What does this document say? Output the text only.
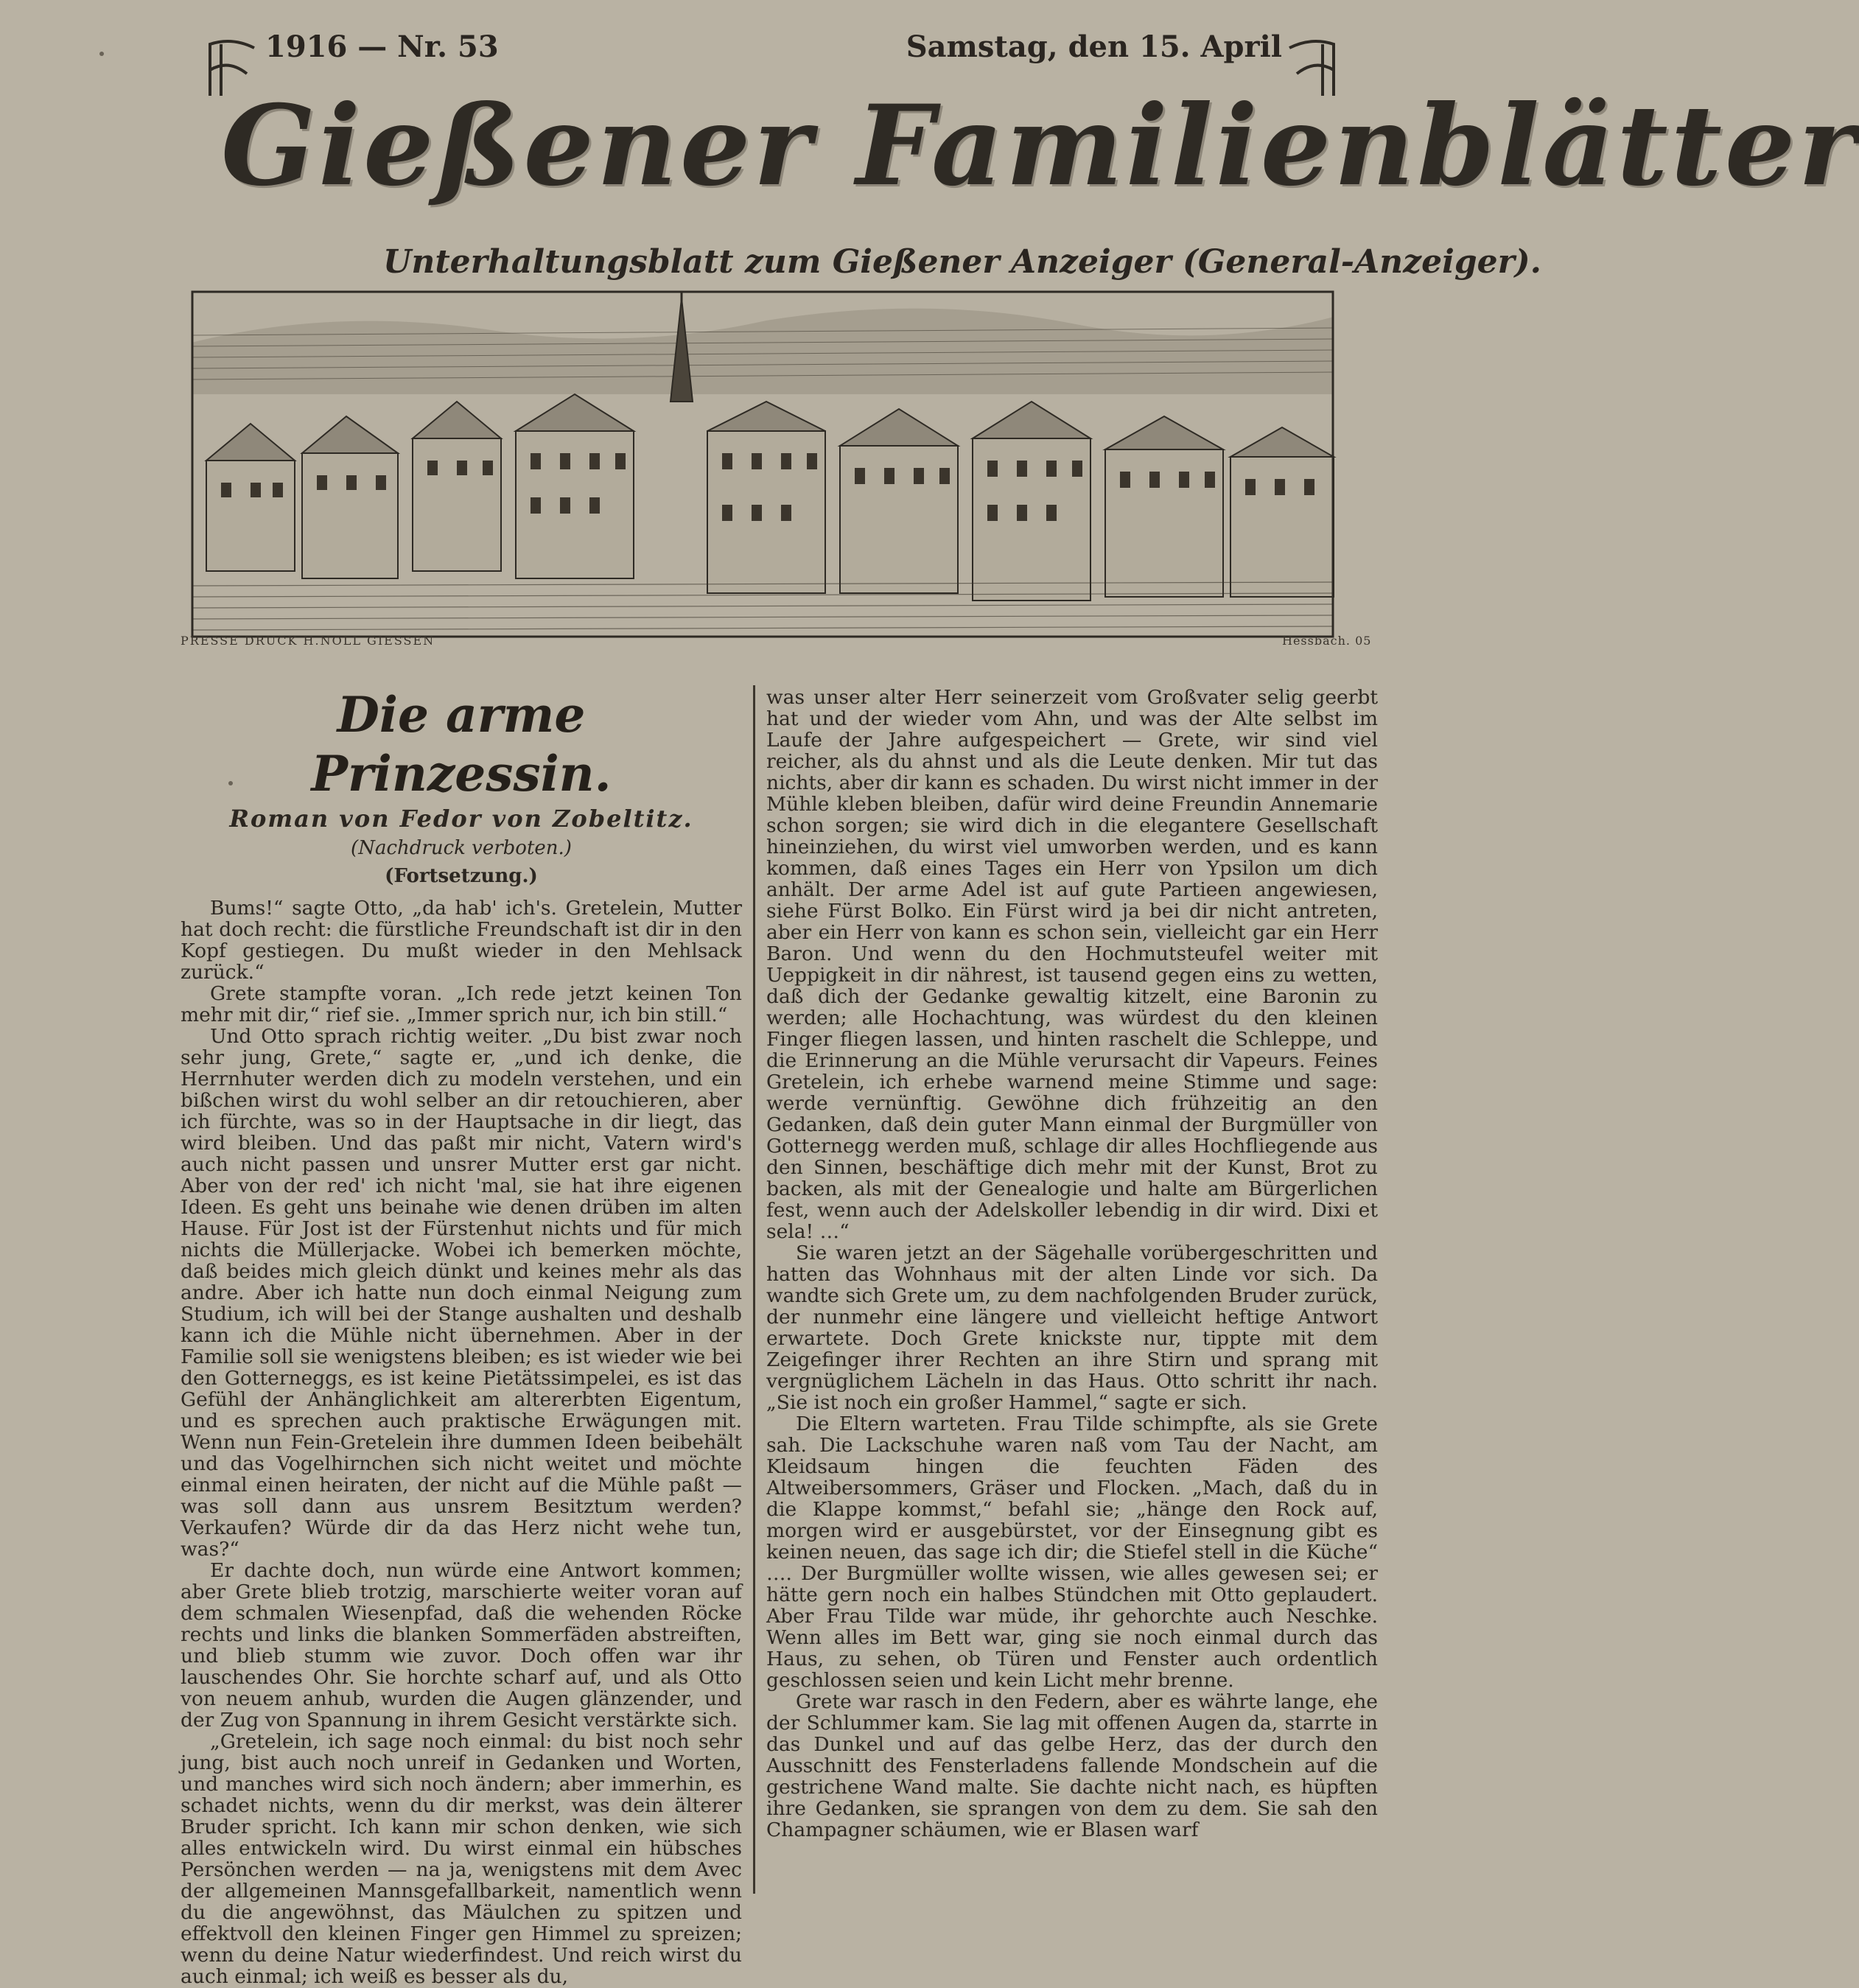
1916 — Nr. 53	Samstag, den 15. April
Gießener Familienblätter
Unterhaltungsblatt zum Gießener Anzeiger (General-Anzeiger).
PRESSE DRUCK H.NOLL GIESSEN	Hessbach. 05
Die arme Prinzessin.
Roman von Fedor von Zobeltitz.
(Nachdruck verboten.)
(Fortsetzung.)

Bums!“ sagte Otto, „da hab' ich's. Gretelein, Mutter hat doch recht: die fürstliche Freundschaft ist dir in den Kopf gestiegen. Du mußt wieder in den Mehlsack zurück.“

Grete stampfte voran. „Ich rede jetzt keinen Ton mehr mit dir,“ rief sie. „Immer sprich nur, ich bin still.“

Und Otto sprach richtig weiter. „Du bist zwar noch sehr jung, Grete,“ sagte er, „und ich denke, die Herrnhuter werden dich zu modeln verstehen, und ein bißchen wirst du wohl selber an dir retouchieren, aber ich fürchte, was so in der Hauptsache in dir liegt, das wird bleiben. Und das paßt mir nicht, Vatern wird's auch nicht passen und unsrer Mutter erst gar nicht. Aber von der red' ich nicht 'mal, sie hat ihre eigenen Ideen. Es geht uns beinahe wie denen drüben im alten Hause. Für Jost ist der Fürstenhut nichts und für mich nichts die Müllerjacke. Wobei ich bemerken möchte, daß beides mich gleich dünkt und keines mehr als das andre. Aber ich hatte nun doch einmal Neigung zum Studium, ich will bei der Stange aushalten und deshalb kann ich die Mühle nicht übernehmen. Aber in der Familie soll sie wenigstens bleiben; es ist wieder wie bei den Gotterneggs, es ist keine Pietätssimpelei, es ist das Gefühl der Anhänglichkeit am altererbten Eigentum, und es sprechen auch praktische Erwägungen mit. Wenn nun Fein-Gretelein ihre dummen Ideen beibehält und das Vogelhirnchen sich nicht weitet und möchte einmal einen heiraten, der nicht auf die Mühle paßt — was soll dann aus unsrem Besitztum werden? Verkaufen? Würde dir da das Herz nicht wehe tun, was?“

Er dachte doch, nun würde eine Antwort kommen; aber Grete blieb trotzig, marschierte weiter voran auf dem schmalen Wiesenpfad, daß die wehenden Röcke rechts und links die blanken Sommerfäden abstreiften, und blieb stumm wie zuvor. Doch offen war ihr lauschendes Ohr. Sie horchte scharf auf, und als Otto von neuem anhub, wurden die Augen glänzender, und der Zug von Spannung in ihrem Gesicht verstärkte sich.

„Gretelein, ich sage noch einmal: du bist noch sehr jung, bist auch noch unreif in Gedanken und Worten, und manches wird sich noch ändern; aber immerhin, es schadet nichts, wenn du dir merkst, was dein älterer Bruder spricht. Ich kann mir schon denken, wie sich alles entwickeln wird. Du wirst einmal ein hübsches Persönchen werden — na ja, wenigstens mit dem Avec der allgemeinen Mannsgefallbarkeit, namentlich wenn du die angewöhnst, das Mäulchen zu spitzen und effektvoll den kleinen Finger gen Himmel zu spreizen; wenn du deine Natur wiederfindest. Und reich wirst du auch einmal; ich weiß es besser als du,

was unser alter Herr seinerzeit vom Großvater selig geerbt hat und der wieder vom Ahn, und was der Alte selbst im Laufe der Jahre aufgespeichert — Grete, wir sind viel reicher, als du ahnst und als die Leute denken. Mir tut das nichts, aber dir kann es schaden. Du wirst nicht immer in der Mühle kleben bleiben, dafür wird deine Freundin Annemarie schon sorgen; sie wird dich in die elegantere Gesellschaft hineinziehen, du wirst viel umworben werden, und es kann kommen, daß eines Tages ein Herr von Ypsilon um dich anhält. Der arme Adel ist auf gute Partieen angewiesen, siehe Fürst Bolko. Ein Fürst wird ja bei dir nicht antreten, aber ein Herr von kann es schon sein, vielleicht gar ein Herr Baron. Und wenn du den Hochmutsteufel weiter mit Ueppigkeit in dir nährest, ist tausend gegen eins zu wetten, daß dich der Gedanke gewaltig kitzelt, eine Baronin zu werden; alle Hochachtung, was würdest du den kleinen Finger fliegen lassen, und hinten raschelt die Schleppe, und die Erinnerung an die Mühle verursacht dir Vapeurs. Feines Gretelein, ich erhebe warnend meine Stimme und sage: werde vernünftig. Gewöhne dich frühzeitig an den Gedanken, daß dein guter Mann einmal der Burgmüller von Gotternegg werden muß, schlage dir alles Hochfliegende aus den Sinnen, beschäftige dich mehr mit der Kunst, Brot zu backen, als mit der Genealogie und halte am Bürgerlichen fest, wenn auch der Adelskoller lebendig in dir wird. Dixi et sela! …“

Sie waren jetzt an der Sägehalle vorübergeschritten und hatten das Wohnhaus mit der alten Linde vor sich. Da wandte sich Grete um, zu dem nachfolgenden Bruder zurück, der nunmehr eine längere und vielleicht heftige Antwort erwartete. Doch Grete knickste nur, tippte mit dem Zeigefinger ihrer Rechten an ihre Stirn und sprang mit vergnüglichem Lächeln in das Haus. Otto schritt ihr nach. „Sie ist noch ein großer Hammel,“ sagte er sich.

Die Eltern warteten. Frau Tilde schimpfte, als sie Grete sah. Die Lackschuhe waren naß vom Tau der Nacht, am Kleidsaum hingen die feuchten Fäden des Altweibersommers, Gräser und Flocken. „Mach, daß du in die Klappe kommst,“ befahl sie; „hänge den Rock auf, morgen wird er ausgebürstet, vor der Einsegnung gibt es keinen neuen, das sage ich dir; die Stiefel stell in die Küche“ …. Der Burgmüller wollte wissen, wie alles gewesen sei; er hätte gern noch ein halbes Stündchen mit Otto geplaudert. Aber Frau Tilde war müde, ihr gehorchte auch Neschke. Wenn alles im Bett war, ging sie noch einmal durch das Haus, zu sehen, ob Türen und Fenster auch ordentlich geschlossen seien und kein Licht mehr brenne.

Grete war rasch in den Federn, aber es währte lange, ehe der Schlummer kam. Sie lag mit offenen Augen da, starrte in das Dunkel und auf das gelbe Herz, das der durch den Ausschnitt des Fensterladens fallende Mondschein auf die gestrichene Wand malte. Sie dachte nicht nach, es hüpften ihre Gedanken, sie sprangen von dem zu dem. Sie sah den Champagner schäumen, wie er Blasen warf
